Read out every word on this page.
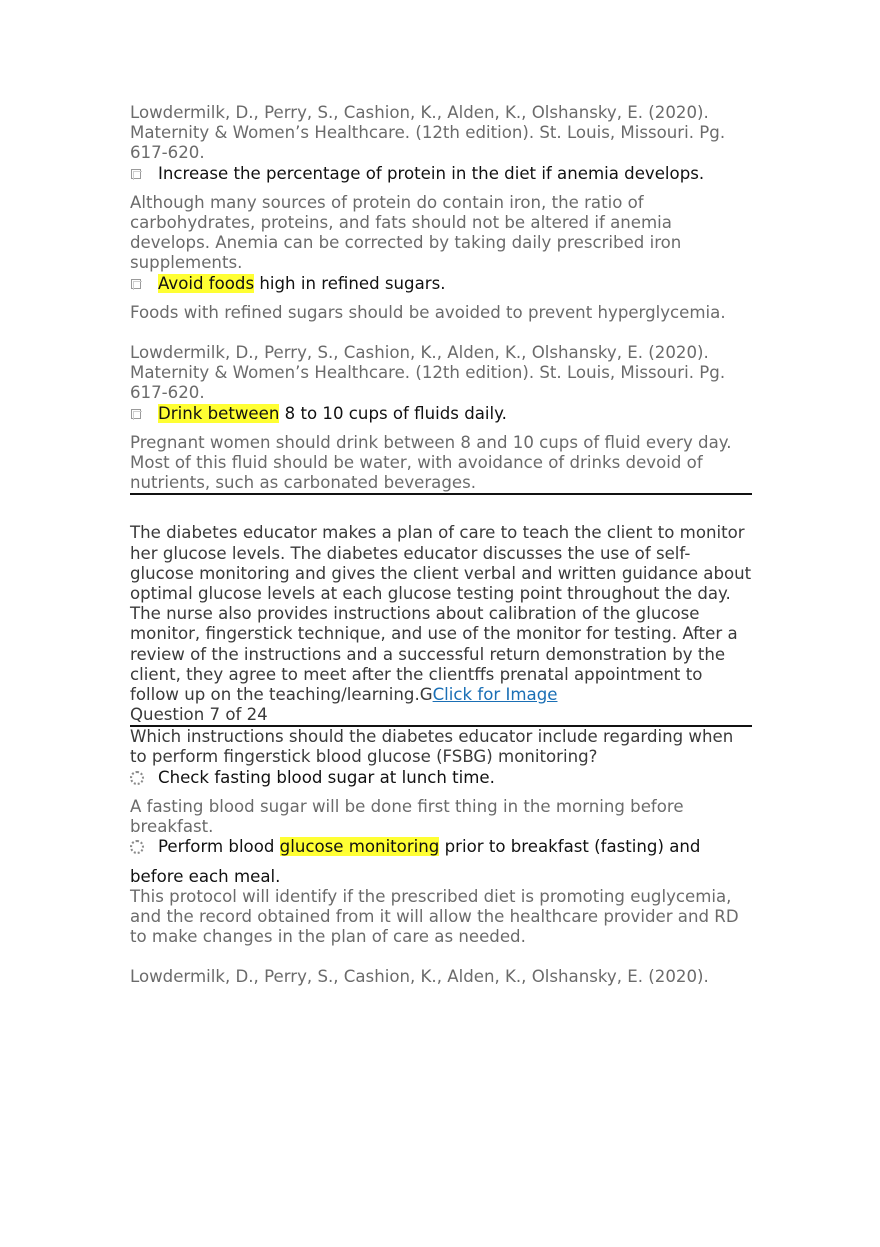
Lowdermilk, D., Perry, S., Cashion, K., Alden, K., Olshansky, E. (2020). Maternity & Women’s Healthcare. (12th edition). St. Louis, Missouri. Pg. 617-620.

Increase the percentage of protein in the diet if anemia develops.

Although many sources of protein do contain iron, the ratio of carbohydrates, proteins, and fats should not be altered if anemia develops. Anemia can be corrected by taking daily prescribed iron supplements.

Avoid foods high in refined sugars.

Foods with refined sugars should be avoided to prevent hyperglycemia.

Lowdermilk, D., Perry, S., Cashion, K., Alden, K., Olshansky, E. (2020). Maternity & Women’s Healthcare. (12th edition). St. Louis, Missouri. Pg. 617-620.

Drink between 8 to 10 cups of fluids daily.

Pregnant women should drink between 8 and 10 cups of fluid every day. Most of this fluid should be water, with avoidance of drinks devoid of nutrients, such as carbonated beverages.

The diabetes educator makes a plan of care to teach the client to monitor her glucose levels. The diabetes educator discusses the use of self-glucose monitoring and gives the client verbal and written guidance about optimal glucose levels at each glucose testing point throughout the day. The nurse also provides instructions about calibration of the glucose monitor, fingerstick technique, and use of the monitor for testing. After a review of the instructions and a successful return demonstration by the client, they agree to meet after the clientffs prenatal appointment to follow up on the teaching/learning.GClick for Image

Question 7 of 24

Which instructions should the diabetes educator include regarding when to perform fingerstick blood glucose (FSBG) monitoring?

Check fasting blood sugar at lunch time.

A fasting blood sugar will be done first thing in the morning before breakfast.

Perform blood glucose monitoring prior to breakfast (fasting) and

before each meal.

This protocol will identify if the prescribed diet is promoting euglycemia, and the record obtained from it will allow the healthcare provider and RD to make changes in the plan of care as needed.

Lowdermilk, D., Perry, S., Cashion, K., Alden, K., Olshansky, E. (2020).
